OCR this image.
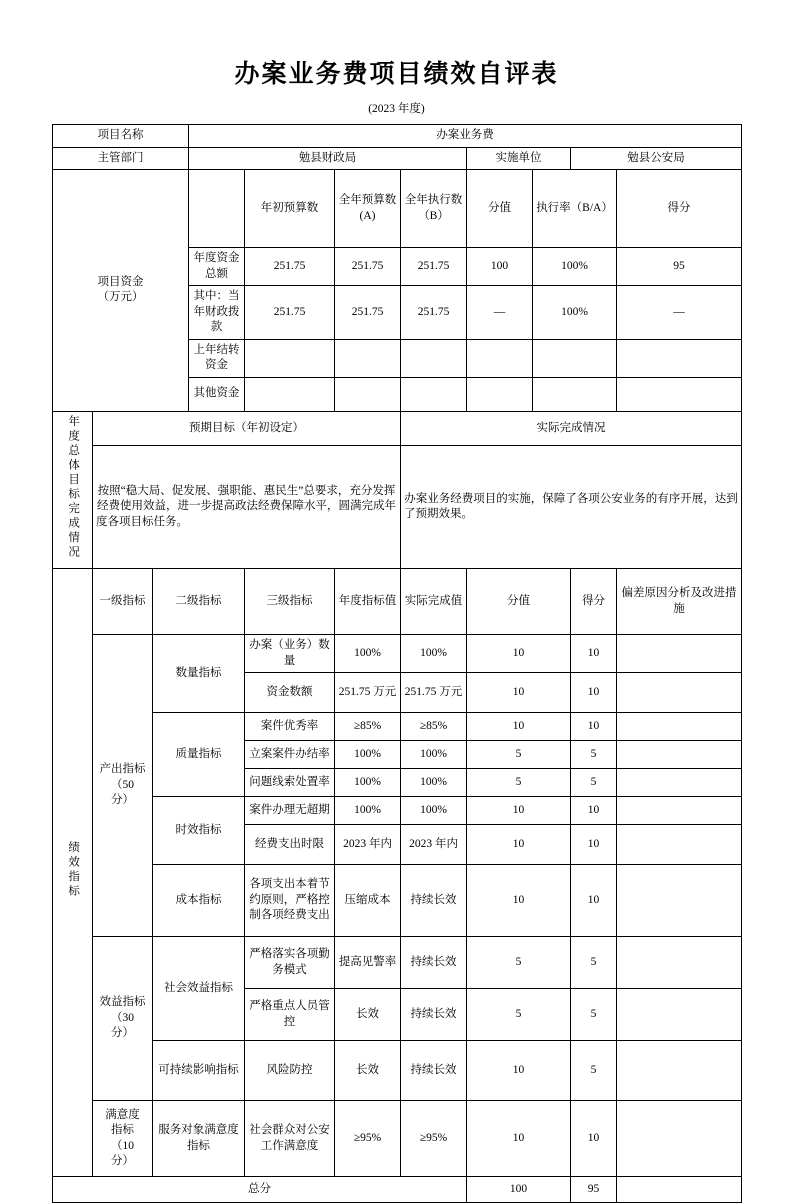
办案业务费项目绩效自评表
(2023 年度)
项目名称			办案业务费							
主管部门			勉县财政局				实施单位		勉县公安局	

项目资金
（万元）				年初预算数	全年预算数(A)	全年执行数（B）	分值	执行率（B/A）		得分
			年度资金总额	251.75	251.75	251.75	100	100%		95
			其中：当年财政拨款	251.75	251.75	251.75	—	100%		—
			上年结转资金							
			其他资金							
年度总体目标完成情况	预期目标（年初设定）					实际完成情况				
	按照“稳大局、促发展、强职能、惠民生”总要求，充分发挥经费使用效益，进一步提高政法经费保障水平，圆满完成年度各项目标任务。					办案业务经费项目的实施，保障了各项公安业务的有序开展，达到了预期效果。				
绩效指标	一级指标	二级指标		三级指标	年度指标值	实际完成值	分值		得分	偏差原因分析及改进措施

	产出指标
（50
分）	数量指标		办案（业务）数量	100%	100%	10		10	
				资金数额	251.75 万元	251.75 万元	10		10	
		质量指标		案件优秀率	≥85%	≥85%	10		10	
				立案案件办结率	100%	100%	5		5	
				问题线索处置率	100%	100%	5		5	
		时效指标		案件办理无超期	100%	100%	10		10	
				经费支出时限	2023 年内	2023 年内	10		10	
		成本指标		各项支出本着节约原则，严格控制各项经费支出	压缩成本	持续长效	10		10	

	效益指标
（30
分）	社会效益指标		严格落实各项勤务模式	提高见警率	持续长效	5		5	
				严格重点人员管控	长效	持续长效	5		5	
		可持续影响指标		风险防控	长效	持续长效	10		5	

	满意度
指标
（10
分）	服务对象满意度指标		社会群众对公安工作满意度	≥95%	≥95%	10		10	
总分							100		95	
